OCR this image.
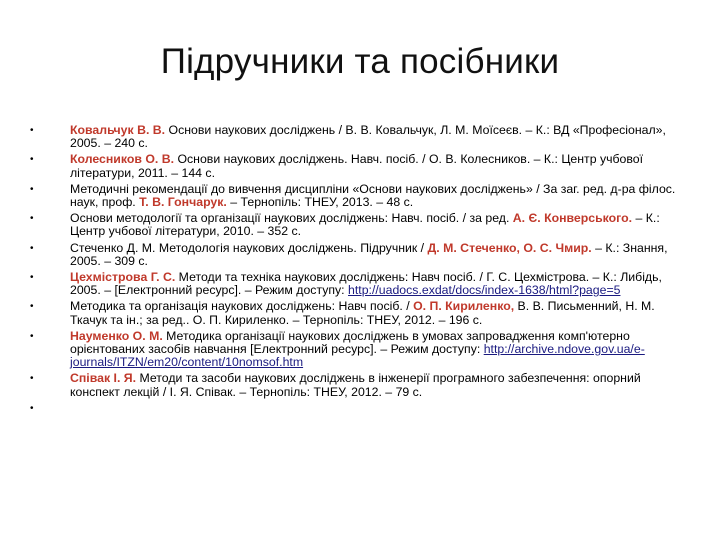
Підручники та посібники
•	Ковальчук В. В. Основи наукових досліджень / В. В. Ковальчук, Л. М. Моїсеєв. – К.: ВД «Професіонал», 2005. – 240 с.
•	Колесников О. В. Основи наукових досліджень. Навч. посіб. / О. В. Колесников. – К.: Центр учбової літератури, 2011. – 144 с.
•	Методичні рекомендації до вивчення дисципліни «Основи наукових досліджень» / За заг. ред. д-ра філос. наук, проф. Т. В. Гончарук. – Тернопіль: ТНЕУ, 2013. – 48 с.
•	Основи методології та організації наукових досліджень: Навч. посіб. / за ред. А. Є. Конверського. – К.: Центр учбової літератури, 2010. – 352 с.
•	Стеченко Д. М. Методологія наукових досліджень. Підручник / Д. М. Стеченко, О. С. Чмир. – К.: Знання, 2005. – 309 с.
•	Цехмістрова Г. С. Методи та техніка наукових досліджень: Навч посіб. / Г. С. Цехмістрова. – К.: Либідь, 2005. – [Електронний ресурс]. – Режим доступу: http://uadocs.exdat/docs/index-1638/html?page=5
•	Методика та організація наукових досліджень: Навч посіб. / О. П. Кириленко, В. В. Письменний, Н. М. Ткачук та ін.; за ред.. О. П. Кириленко. – Тернопіль: ТНЕУ, 2012. – 196 с.
•	Науменко О. М. Методика організації наукових досліджень в умовах запровадження комп'ютерно орієнтованих засобів навчання [Електронний ресурс]. – Режим доступу: http://archive.ndove.gov.ua/e-journals/ITZN/em20/content/10nomsof.htm
•	Співак І. Я. Методи та засоби наукових досліджень в інженерії програмного забезпечення: опорний конспект лекцій / І. Я. Співак. – Тернопіль: ТНЕУ, 2012. – 79 с.
•
